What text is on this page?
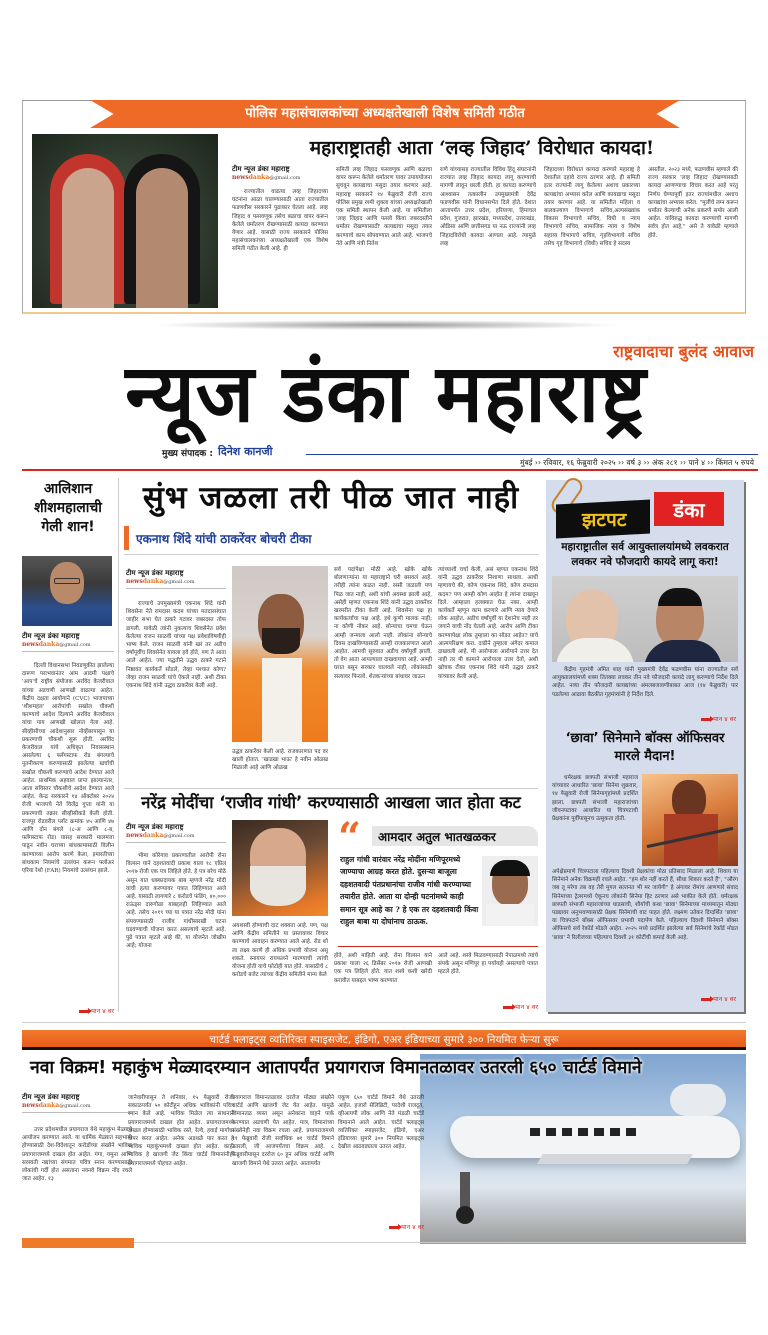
पोलिस महासंचालकांच्या अध्यक्षतेखाली विशेष समिती गठीत
महाराष्ट्रातही आता ‘लव्ह जिहाद’ विरोधात कायदा!
टीम न्यूज डंका महाराष्ट्र
newsdanka@gmail.com
राज्यातील वाढत्या लव्ह जिहादच्या घटनांना आळा घालण्यासाठी आता राज्यातील फडणवीस सरकारने पुढाकार घेतला आहे. लव्ह जिहाद व फसवणूक तसेच बळाचा वापर करून केलेले धर्मांतरण रोखण्यासाठी कायदा करण्यात येणार आहे. यासाठी राज्य सरकारने पोलिस महासंचालकांच्या अध्यक्षतेखाली एक विशेष समिती गठीत केली आहे. ही
समिती लव्ह जिहाद फसवणूक आणि बळाचा वापर करून केलेले धर्मांतरण यावर उपाययोजना सुचवून कायद्याचा मसुदा तयार करणार आहे. महाराष्ट्र सरकारने १४ फेब्रुवारी रोजी राज्य पोलिस प्रमुख रश्मी शुक्ला यांच्या अध्यक्षतेखाली एक समिती स्थापन केली आहे. या समितीला 'लव्ह जिहाद आणि फसवे किंवा जबरदस्तीने धर्मांतर रोखण्यासाठी' कायद्याचा मसुदा तयार करण्याचे काम सोपवण्यात आले आहे. भाजपचे नेते आणि मंत्री नितेश
राणे यांच्यासह राज्यातील विविध हिंदू संघटनांनी राज्यात लव्ह जिहाद कायदा लागू करण्याची मागणी लावून धरली होती. हा कायदा करण्याचे आश्वासन तत्कालीन उपमुख्यमंत्री देवेंद्र फडणवीस यांनी विधानसभेत दिले होते. देशात आतापर्यंत उत्तर प्रदेश, हरियाणा, हिमाचल प्रदेश, गुजरात, झारखंड, मध्यप्रदेश, उत्तराखंड, ओडिसा आणि छत्तीसगड या नऊ राज्यांनी लव्ह जिहादविरोधी कायदा आणला आहे. त्यामुळे लव्ह
जिहादच्या विरोधात कायदा करणारे महाराष्ट्र हे देशातील दहावे राज्य ठरणार आहे. ही समिती इतर राज्यांनी लागू केलेल्या अशाच प्रकारच्या कायद्यांचा अभ्यास करेल आणि कायद्याचा मसुदा तयार करणार आहे. या समितीत महिला व बालकल्याण विभागाचे सचिव,अल्पसंख्यांक विकास विभागाचे सचिव, विधी व न्याय विभागाचे सचिव, सामाजिक न्याय व विशेष सहाय्य विभागाचे सचिव, गृहविभागाचे सचिव तसेच गृह विभागाचे (विधी) सचिव हे सदस्य
असतील. २०२३ मध्ये, फडणवीस म्हणाले की राज्य सरकार 'लव्ह जिहाद' रोखण्यासाठी कायदा आणण्याचा विचार करत आहे परंतु निर्णय घेण्यापूर्वी इतर राज्यांमधील अशाच कायद्यांचा अभ्यास करेल. "मुलींचे लग्न करून धर्मांतर केल्याची अनेक प्रकरणे समोर आली आहेत. यांविरुद्ध कायदा करण्याची मागणी सर्वत्र होत आहे," असे ते यावेळी म्हणाले होते.
राष्ट्रवादाचा बुलंद आवाज
न्यूज डंका महाराष्ट्र
मुख्य संपादक : दिनेश कानजी
मुंबई ›› रविवार, १६ फेब्रुवारी २०२५ ›› वर्ष ३ ›› अंक २८१ ›› पाने ४ ›› किंमत ५ रुपये
आलिशान शीशमहालाची गेली शान!
टीम न्यूज डंका महाराष्ट्र
newsdanka@gmail.com
दिल्ली विधानसभा निवडणुकीत झालेल्या दारूण पराभवानंतर आम आदमी पक्षाचे 'आप'चे राष्ट्रीय संयोजक अरविंद केजरीवाल यांच्या अडचणी आणखी वाढल्या आहेत. केंद्रीय दक्षता आयोगाने (CVC) भाजपाच्या 'शीशमहल' आरोपांची सखोल चौकशी करण्याचे आदेश दिल्याने अरविंद केजरीवाल यांचा पाय आणखी खोलात गेला आहे. सीव्हीसीच्या आदेशानुसार नोव्हेंबरपासून या प्रकरणाची चौकशी सुरू होती. अरविंद केजरीवाल यांचे अधिकृत निवासस्थान असलेल्या ६ फ्लॅगस्टाफ रोड बंगल्याचे नूतनीकरण करण्यासाठी झालेल्या खर्चाची सखोल चौकशी करण्याचे आदेश देण्यात आले आहेत. प्राथमिक अहवाल प्राप्त झाल्यानंतर, आता सविस्तर चौकशीचे आदेश देण्यात आले आहेत. केन्द्र सरकारने १४ ऑक्टोबर २०२४ रोजी भाजपचे नेते विजेंद्र गुप्ता यांनी या प्रकरणाची तक्रार सीव्हीसीकडे केली होती. राजपूर रोडवरील प्लॉट क्रमांक ४५ आणि ४७ आणि दोन बंगले (८-अ आणि ८-ब, फ्लॅगस्टाफ रोड) यासह सरकारी मालमत्ता पाडून नवीन घराच्या बांधकामासाठी विलीन करण्याच्या आरोप करणे केला, इमारतीच्या बांधकाम नियमांचे उल्लंघन करून फ्लोअर एरिया रेशो (FAR) नियमांचे उल्लंघन झाले.
पान ४ वर
सुंभ जळला तरी पीळ जात नाही
एकनाथ शिंदे यांची ठाकरेंवर बोचरी टीका
टीम न्यूज डंका महाराष्ट्र
newsdanka@gmail.com
राज्याचे उपमुख्यमंत्री एकनाथ शिंदे यांनी शिवसेना नेते रामदास कदम यांच्या मतदारसंघात जाहीर सभा घेत ठाकरे गटावर जबरदस्त तोफ डागली. यावेळी त्यांनी नुकत्याच शिवसेनेत प्रवेश केलेल्या राजन साळवी यांच्या पक्ष प्रवेशाविषयीही भाष्य केले. राजन साळवी यांनी खरं तर अडीच वर्षांपूर्वीच शिवसेनेत यायला हवे होते, पण ते आता आले आहेत. ज्या पद्धतीने उद्धव ठाकरे गटाने निष्ठावंत कार्यकर्ते सोडले, तेव्हा पश्चात कोण? जेव्हा राजन साळवी यांचे ऐकले नाही. अशी टीका एकनाथ शिंदे यांनी उद्धव ठाकरेंवर केली आहे.
उद्धव ठाकरेंवर केली आहे. राजकारणात पद वर खाली होतात. 'खाडखा भाऊ' हे नवीन ओळख मिळाली आहे आणि ओळख
सर्व पदांपेक्षा मोठी आहे. खोके खोके बोलणाऱ्यांना या महाराष्ट्राने घरी बसवलं आहे. तरीही त्यांना कळत नाही. रस्सी जळाली पण पिळ जात नाही, अशी यांची अवस्था झाली आहे, असेही म्हणत एकनाथ शिंदे यांनी उद्धव ठाकरेंवर खरमरीत टीका केली आहे. शिवसेना पक्ष हा कार्यकर्त्यांचा पक्ष आहे. इथे कुणी मालक नाही; ना कोणी नोकर आहे. सोन्याचा चमचा घेऊन आम्ही जन्माला आलो नाही. लोकांना सोन्याचे दिवस दाखविण्यासाठी आम्ही राजकारणात आलो आहोत. आमची सुरुवात अडीच वर्षापूर्वी झाली. तो वेग आता आपल्याला दाखवायचा आहे. आम्ही घरात बसून सरकार चालवले नाही, लोकांसाठी रस्त्यावर फिरलो. शेतकऱ्यांच्या बांधावर जाऊन
त्यांच्याशी चर्चा केली, असं म्हणत एकनाथ शिंदे यांनी उद्धव ठाकरेंवर निशाणा साधला. आधी म्हणायचे की, कोण एकनाथ शिंदे, कोण रामदास कदम? पण आम्ही कोण आहोत हे त्यांना दाखवून दिले. आम्हाला हलक्यात घेऊ नका. आम्ही कार्यकर्ते म्हणून काम करणारे आणि न्याय देणारे लोक आहोत. अडीच वर्षांपूर्वी या देशानेच नाही तर जगाने याची नोंद घेतली आहे. आरोप आणि टीका करण्यापेक्षा लोक तुम्हाला का सोडत आहेत? याचे आत्मपरिक्षण करा. दाढीने तुम्हाला अंगेदर कमाल दाखवली आहे. मी आरोपाला आरोपाने उत्तर देत नाही तर मी कामाने आरोपाला उत्तर देतो, अशी खोचक टीका एकनाथ शिंदे यांनी उद्धव ठाकरे यांच्यावर केली आहे.
नरेंद्र मोदींचा ‘राजीव गांधी’ करण्यासाठी आखला जात होता कट
टीम न्यूज डंका महाराष्ट्र
newsdanka@gmail.com
भीमा कोरेगाव प्रकरणातील आरोपी रोना विल्सन याने दहशतवादी प्रकाश याला १८ एप्रिल २०१७ रोजी एक पत्र लिहिले होते. हे पत्र बरेच मोठे असून यात धक्कादायक बाब म्हणजे नरेंद्र मोदी यांची हत्या करण्यावर पत्रात लिहिण्यात आले आहे. यासाठी लागणारे ८ करोडचे फंडिंग, ४०,००० राऊंड्स दारुगोळा याबद्दलही लिहिण्यात आले आहे. तसेच २०१९ च्या या पत्रात नरेंद्र मोदी यांना संपवण्यासाठी राजीव गांधींसारखी घटना घडवण्याची योजना करत असल्याचे म्हटले आहे. पुढे पत्रात म्हटले आहे की, या योजनेत जोखीम आहे; योजना
अयशस्वी होण्याची दाट शक्यता आहे. पण, पक्ष आणि केंद्रीय समितीने या प्रस्तावावर विचार करण्याचे आवाहन करण्यात आले आहे. रोड शो ला लक्ष्य करणे ही अधिक प्रभावी योजना असू शकते. स्नायपर रायफलने मारण्याची त्यांची योजना होती याचे फोटोही यात होते. यासाठीचे ८ करोडचे बजेट त्यांच्या केंद्रीय समितीने मान्य केले
“ आमदार अतुल भातखळकर
राहुल गांधी वारंवार नरेंद्र मोदींना मणिपूरमध्ये जाण्याचा आग्रह करत होते. दुसऱ्या बाजूला दहशतवादी पंतप्रधानांचा राजीव गांधी करण्याच्या तयारीत होते. आता या दोन्ही घटनांमध्ये काही समान सूत्र आहे का ? हे एक तर दहशतवादी किंवा राहुल बाबा या दोघांनाच ठाऊक.
होते, अशी माहिती आहे. रोना विल्सन याने प्रकाश याला २६ डिसेंबर २०१७ रोजी आणखी एक पत्र लिहिले होते. यात शस्त्रे कशी खरेदी करावीत याबद्दल भाष्य करण्यात
आले आहे. शस्त्रे मिळवण्यासाठी नेपाळमध्ये त्यांचे संपर्क असून मणिपूर हा पर्यायही असल्याचे पत्रात म्हटले होते.
पान ४ वर
झटपट	डंका
महाराष्ट्रातील सर्व आयुक्तालयांमध्ये लवकरात लवकर नवे फौजदारी कायदे लागू करा!
केंद्रीय गृहमंत्री अमित शाह यांनी मुख्यमंत्री देवेंद्र फडणवीस यांना राज्यातील सर्व आयुक्तालयांमध्ये शक्य तितक्या लवकर तीन नवे फौजदारी कायदे लागू करण्याचे निर्देश दिले आहेत. नव्या तीन फौजदारी कायद्यांच्या अंमलबजावणीबाबत आज (१४ फेब्रुवारी) पार पडलेल्या आढावा बैठकीत गृहमंत्र्यांनी हे निर्देश दिले.
पान ४ वर
‘छावा’ सिनेमाने बॉक्स ऑफिसवर मारले मैदान!
धर्मरक्षक छत्रपती संभाजी महाराज यांच्यावर आधारित 'छावा' सिनेमा शुक्रवार, १४ फेब्रुवारी रोजी सिनेमागृहांमध्ये प्रदर्शित झाला. छत्रपती संभाजी महाराजांच्या जीवनपटावर आधारित या चित्रपटाची प्रेक्षकांना पूर्वीपासूनच उत्सुकता होती.
अपेक्षेप्रमाणे चित्रपटाला पहिल्याच दिवशी प्रेक्षकांचा मोठा प्रतिसाद मिळाला आहे. शिवाय या सिनेमाने अनेक विक्रमही रचले आहेत. "हम शोर नहीं करते हैं, सीधा शिकार करते हैं", "औरंग जब तू मरेगा तब वह तेरी मुगल सल्तनत भी मर जायेगी" हे अंगावर रोमांच आणणारे संवाद सिनेमाच्या ट्रेलरमध्ये ऐकूनच लोकांनी सिनेमा हिट ठरणार असे भाकीत केले होते. धर्मरक्षक छत्रपती संभाजी महाराजांच्या धाडसाची, शौर्याची कथा 'छावा' सिनेमाच्या माध्यमातून मोठ्या पडद्यावर अनुभवण्यासाठी प्रेक्षक सिनेमाची वाट पाहत होते. लक्ष्मण उतेकर दिग्दर्शित 'छावा' या चित्रपटाने बॉक्स ऑफिसवर प्रभावी पदार्पण केले. पहिल्याच दिवशी सिनेमाने बॉक्स ऑफिसचे सर्व रेकॉर्ड मोडले आहेत. २०२५ मध्ये प्रदर्शित झालेल्या सर्व सिनेमांचे रेकॉर्ड मोडत 'छावा' ने रिलीजच्या पहिल्याच दिवशी ३१ कोटींची कमाई केली आहे.
पान ४ वर
चार्टर्ड फ्लाइट्स व्यतिरिक्त स्पाइसजेट, इंडिगो, एअर इंडियाच्या सुमारे ३०० नियमित फेऱ्या सुरू
नवा विक्रम! महाकुंभ मेळ्यादरम्यान आतापर्यंत प्रयागराज विमानतळावर उतरली ६५० चार्टर्ड विमाने
टीम न्यूज डंका महाराष्ट्र
newsdanka@gmail.com
उत्तर प्रदेशमधील प्रयागराज येथे महाकुंभ मेळ्याचे आयोजन करण्यात आले. या धार्मिक मेळ्यात सहभागी होण्यासाठी देश-विदेशातून करोडोंच्या संख्येने भाविक प्रयागराजमध्ये दाखल होत आहेत. गंगा, यमुना आणि सरस्वती नद्यांच्या संगमात पवित्र स्नान करण्यासाठी लोकांची गर्दी होत असताना नवनवे विक्रम नोंद रचले जात आहेत. १३
जानेवारीपासून ते शनिवार, १५ फेब्रुवारी रोजी सकाळपर्यंत ५० कोटींहून अधिक भाविकांनी पवित्र स्नान केले आहे. भाविक मिळेल त्या साधनाने प्रयागराजमध्ये दाखल होत आहेत. प्रयागराजमध्ये दाखल होण्यासाठी भाविक रस्ते, रेल्वे, हवाई मार्गाचा वापर करत आहेत. अनेक अडथळे पार करत हे भाविक महाकुंभमध्ये दाखल होत आहेत. काही भाविक हे खाजगी जेट किंवा चार्टर्ड विमानांनीही प्रयागराजमध्ये पोहचत आहेत.
प्रयागराज विमानतळावर दररोज मोठ्या संख्येने चार्टर्ड आणि खाजगी जेट येत आहेत. यामुळे विमानतळ व्यस्त असून अनेकांना वाहने पार्क करण्यात अडचणी येत आहेत. मात्र, विमानांच्या संख्येनेही नवा विक्रम रचला आहे. प्रयागराजमध्ये ११ फेब्रुवारी रोजी सर्वाधिक ७१ चार्टर्ड विमाने उतरली, जी आजपर्यंतचा विक्रम आहे. ८ फेब्रुवारीपासून दररोज ६० हून अधिक चार्टर्ड आणि खाजगी विमाने येथे उतरत आहेत. आतापर्यंत
एकूण ६५० चार्टर्ड विमाने येथे उतरली आहेत. हजारो सेलिब्रिटी, परदेशी राजदूत, व्हीआयपी लोक आणि नेते मंडळी चार्टर्ड विमानाने आले आहेत. चार्टर्ड फ्लाइट्स व्यतिरिक्त स्पाइसजेट, इंडिगो, एअर इंडियाच्या सुमारे ३०० नियमित फ्लाइट्स देखील आठवड्याला उतरत आहेत.
पान ४ वर
